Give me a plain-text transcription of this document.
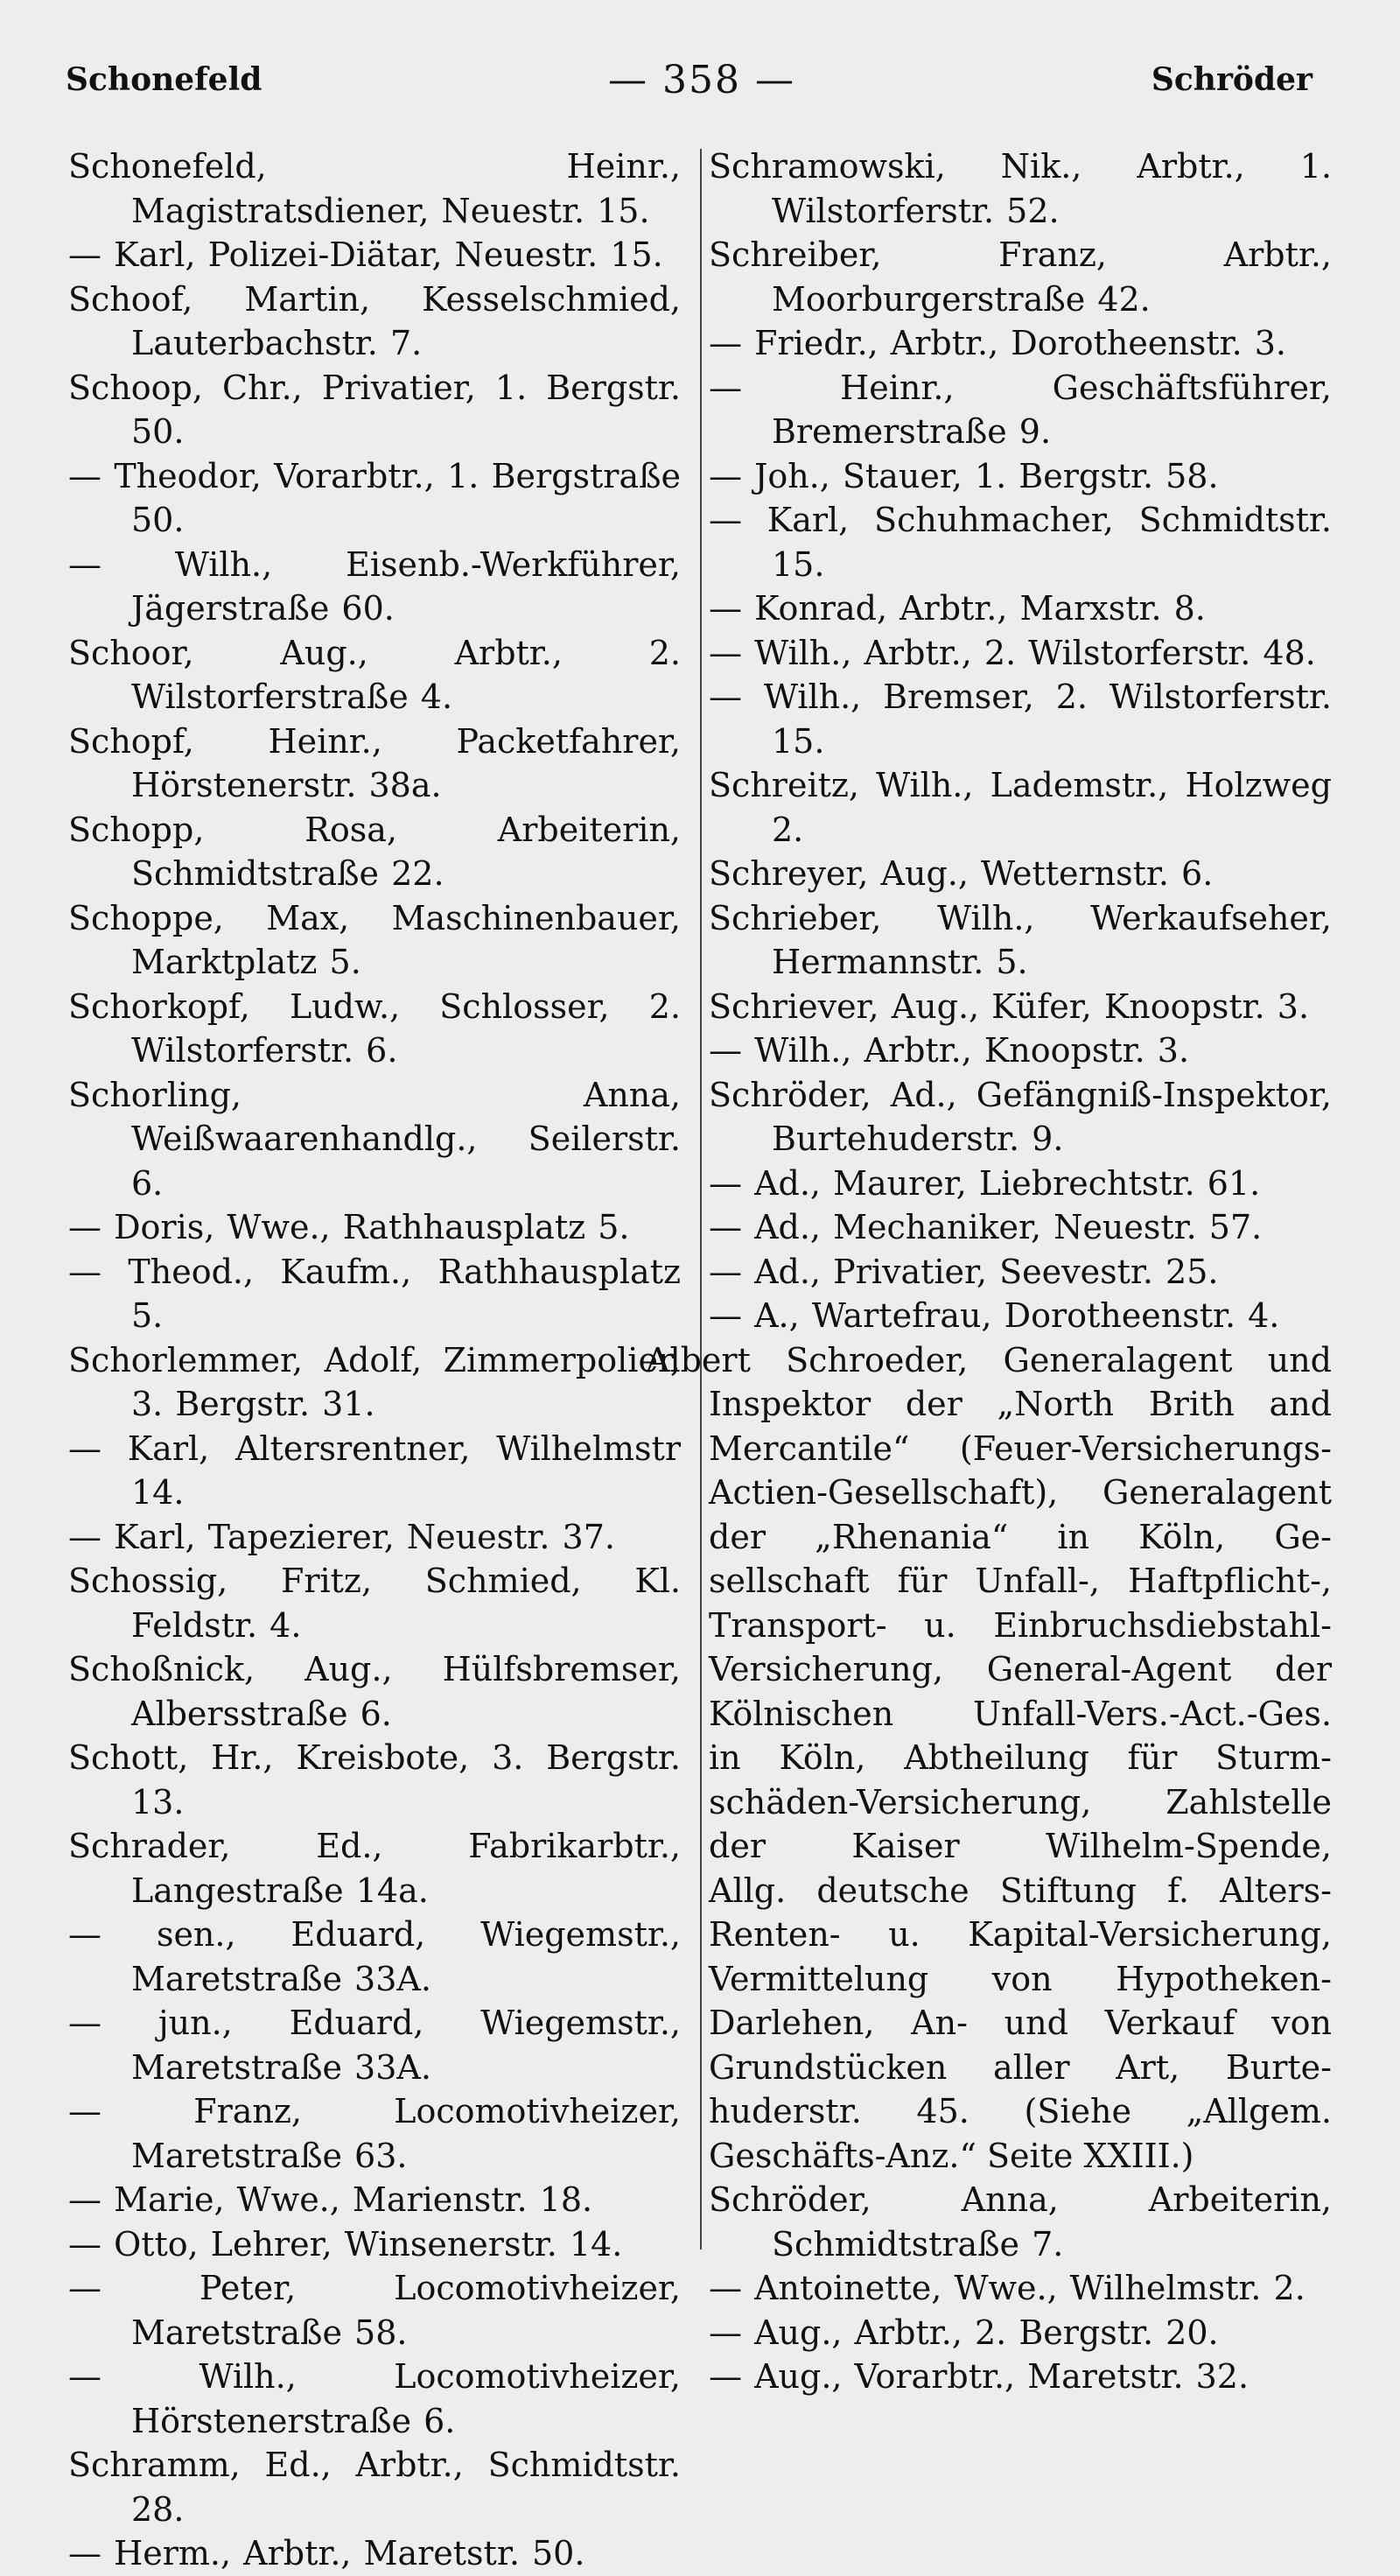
Schonefeld	— 358 —	Schröder
Schonefeld, Heinr., Magistratsdiener, Neuestr. 15.
— Karl, Polizei-Diätar, Neuestr. 15.
Schoof, Martin, Kesselschmied, Lauterbachstr. 7.
Schoop, Chr., Privatier, 1. Bergstr. 50.
— Theodor, Vorarbtr., 1. Bergstraße 50.
— Wilh., Eisenb.-Werkführer, Jägerstraße 60.
Schoor, Aug., Arbtr., 2. Wilstorferstraße 4.
Schopf, Heinr., Packetfahrer, Hörstenerstr. 38a.
Schopp, Rosa, Arbeiterin, Schmidtstraße 22.
Schoppe, Max, Maschinenbauer, Marktplatz 5.
Schorkopf, Ludw., Schlosser, 2. Wilstorferstr. 6.
Schorling, Anna, Weißwaarenhandlg., Seilerstr. 6.
— Doris, Wwe., Rathhausplatz 5.
— Theod., Kaufm., Rathhausplatz 5.
Schorlemmer, Adolf, Zimmerpolier, 3. Bergstr. 31.
— Karl, Altersrentner, Wilhelmstr 14.
— Karl, Tapezierer, Neuestr. 37.
Schossig, Fritz, Schmied, Kl. Feldstr. 4.
Schoßnick, Aug., Hülfsbremser, Albersstraße 6.
Schott, Hr., Kreisbote, 3. Bergstr. 13.
Schrader, Ed., Fabrikarbtr., Langestraße 14a.
— sen., Eduard, Wiegemstr., Maretstraße 33A.
— jun., Eduard, Wiegemstr., Maretstraße 33A.
— Franz, Locomotivheizer, Maretstraße 63.
— Marie, Wwe., Marienstr. 18.
— Otto, Lehrer, Winsenerstr. 14.
— Peter, Locomotivheizer, Maretstraße 58.
— Wilh., Locomotivheizer, Hörstenerstraße 6.
Schramm, Ed., Arbtr., Schmidtstr. 28.
— Herm., Arbtr., Maretstr. 50.
Schramowski, Nik., Arbtr., 1. Wilstorferstr. 52.
Schreiber, Franz, Arbtr., Moorburgerstraße 42.
— Friedr., Arbtr., Dorotheenstr. 3.
— Heinr., Geschäftsführer, Bremerstraße 9.
— Joh., Stauer, 1. Bergstr. 58.
— Karl, Schuhmacher, Schmidtstr. 15.
— Konrad, Arbtr., Marxstr. 8.
— Wilh., Arbtr., 2. Wilstorferstr. 48.
— Wilh., Bremser, 2. Wilstorferstr. 15.
Schreitz, Wilh., Lademstr., Holzweg 2.
Schreyer, Aug., Wetternstr. 6.
Schrieber, Wilh., Werkaufseher, Hermannstr. 5.
Schriever, Aug., Küfer, Knoopstr. 3.
— Wilh., Arbtr., Knoopstr. 3.
Schröder, Ad., Gefängniß-Inspektor, Burtehuderstr. 9.
— Ad., Maurer, Liebrechtstr. 61.
— Ad., Mechaniker, Neuestr. 57.
— Ad., Privatier, Seevestr. 25.
— A., Wartefrau, Dorotheenstr. 4.
Albert Schroeder, Generalagent und
Inspektor der „North Brith and
Mercantile“ (Feuer-Versicherungs-
Actien-Gesellschaft), Generalagent
der „Rhenania“ in Köln, Ge-
sellschaft für Unfall-, Haftpflicht-,
Transport- u. Einbruchsdiebstahl-
Versicherung, General-Agent der
Kölnischen Unfall-Vers.-Act.-Ges.
in Köln, Abtheilung für Sturm-
schäden-Versicherung, Zahlstelle
der Kaiser Wilhelm-Spende,
Allg. deutsche Stiftung f. Alters-
Renten- u. Kapital-Versicherung,
Vermittelung von Hypotheken-
Darlehen, An- und Verkauf von
Grundstücken aller Art, Burte-
huderstr. 45. (Siehe „Allgem.
Geschäfts-Anz.“ Seite XXIII.)
Schröder, Anna, Arbeiterin, Schmidtstraße 7.
— Antoinette, Wwe., Wilhelmstr. 2.
— Aug., Arbtr., 2. Bergstr. 20.
— Aug., Vorarbtr., Maretstr. 32.
